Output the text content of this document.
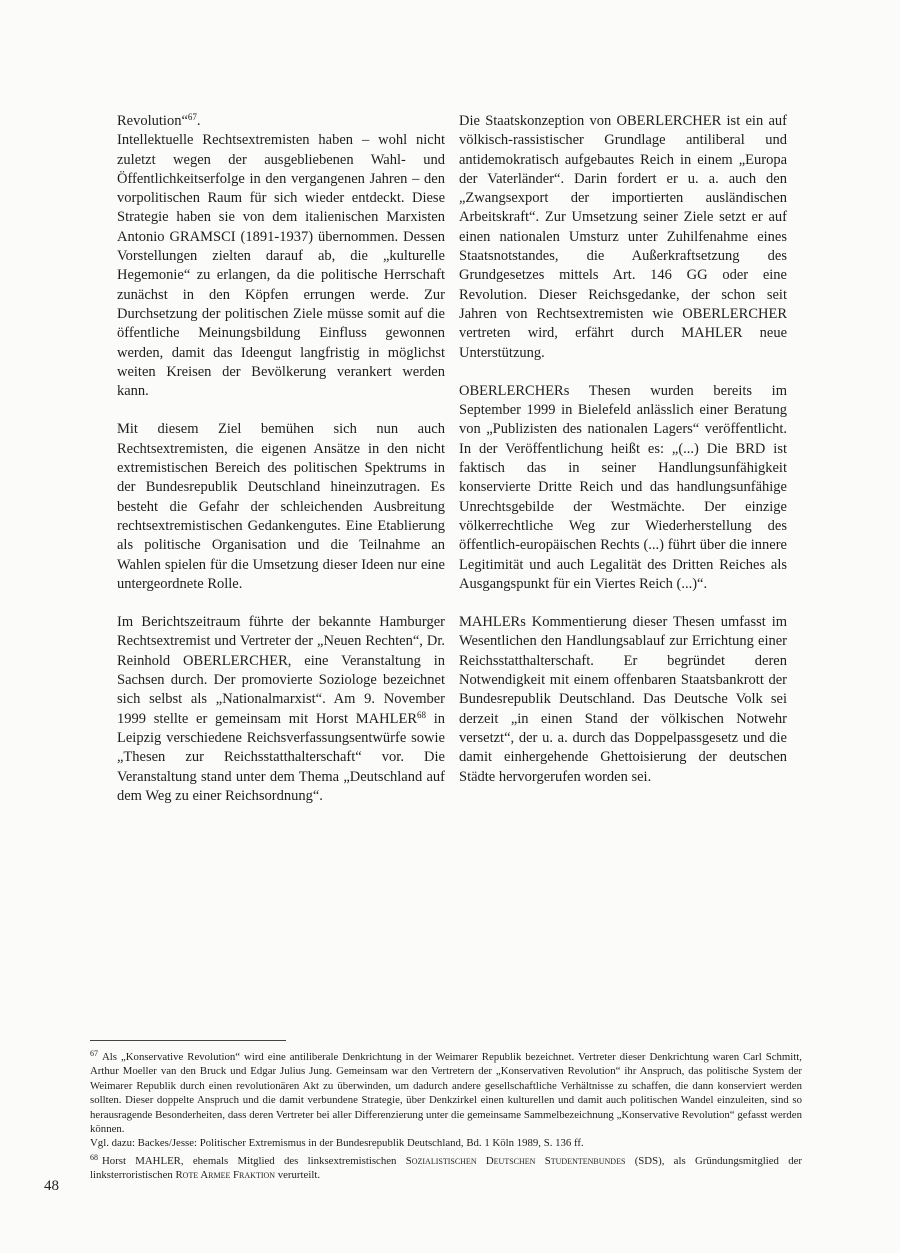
Revolution“$^{67}$.

Intellektuelle Rechtsextremisten haben – wohl nicht zuletzt wegen der ausgebliebenen Wahl- und Öffentlichkeitserfolge in den vergangenen Jahren – den vorpolitischen Raum für sich wieder entdeckt. Diese Strategie haben sie von dem italienischen Marxisten Antonio GRAMSCI (1891-1937) übernommen. Dessen Vorstellungen zielten darauf ab, die „kulturelle Hegemonie“ zu erlangen, da die politische Herrschaft zunächst in den Köpfen errungen werde. Zur Durchsetzung der politischen Ziele müsse somit auf die öffentliche Meinungsbildung Einfluss gewonnen werden, damit das Ideengut langfristig in möglichst weiten Kreisen der Bevölkerung verankert werden kann.

Mit diesem Ziel bemühen sich nun auch Rechtsextremisten, die eigenen Ansätze in den nicht extremistischen Bereich des politischen Spektrums in der Bundesrepublik Deutschland hineinzutragen. Es besteht die Gefahr der schleichenden Ausbreitung rechtsextremistischen Gedankengutes. Eine Etablierung als politische Organisation und die Teilnahme an Wahlen spielen für die Umsetzung dieser Ideen nur eine untergeordnete Rolle.

Im Berichtszeitraum führte der bekannte Hamburger Rechtsextremist und Vertreter der „Neuen Rechten“, Dr. Reinhold OBERLERCHER, eine Veranstaltung in Sachsen durch. Der promovierte Soziologe bezeichnet sich selbst als „Nationalmarxist“. Am 9. November 1999 stellte er gemeinsam mit Horst MAHLER$^{68}$ in Leipzig verschiedene Reichsverfassungsentwürfe sowie „Thesen zur Reichsstatthalterschaft“ vor. Die Veranstaltung stand unter dem Thema „Deutschland auf dem Weg zu einer Reichsordnung“.

Die Staatskonzeption von OBERLERCHER ist ein auf völkisch-rassistischer Grundlage antiliberal und antidemokratisch aufgebautes Reich in einem „Europa der Vaterländer“. Darin fordert er u. a. auch den „Zwangsexport der importierten ausländischen Arbeitskraft“. Zur Umsetzung seiner Ziele setzt er auf einen nationalen Umsturz unter Zuhilfenahme eines Staatsnotstandes, die Außerkraftsetzung des Grundgesetzes mittels Art. 146 GG oder eine Revolution. Dieser Reichsgedanke, der schon seit Jahren von Rechtsextremisten wie OBERLERCHER vertreten wird, erfährt durch MAHLER neue Unterstützung.

OBERLERCHERs Thesen wurden bereits im September 1999 in Bielefeld anlässlich einer Beratung von „Publizisten des nationalen Lagers“ veröffentlicht. In der Veröffentlichung heißt es: „(...) Die BRD ist faktisch das in seiner Handlungsunfähigkeit konservierte Dritte Reich und das handlungsunfähige Unrechtsgebilde der Westmächte. Der einzige völkerrechtliche Weg zur Wiederherstellung des öffentlich-europäischen Rechts (...) führt über die innere Legitimität und auch Legalität des Dritten Reiches als Ausgangspunkt für ein Viertes Reich (...)“.

MAHLERs Kommentierung dieser Thesen umfasst im Wesentlichen den Handlungsablauf zur Errichtung einer Reichsstatthalterschaft. Er begründet deren Notwendigkeit mit einem offenbaren Staatsbankrott der Bundesrepublik Deutschland. Das Deutsche Volk sei derzeit „in einen Stand der völkischen Notwehr versetzt“, der u. a. durch das Doppelpassgesetz und die damit einhergehende Ghettoisierung der deutschen Städte hervorgerufen worden sei.

$^{67}$ Als „Konservative Revolution“ wird eine antiliberale Denkrichtung in der Weimarer Republik bezeichnet. Vertreter dieser Denkrichtung waren Carl Schmitt, Arthur Moeller van den Bruck und Edgar Julius Jung. Gemeinsam war den Vertretern der „Konservativen Revolution“ ihr Anspruch, das politische System der Weimarer Republik durch einen revolutionären Akt zu überwinden, um dadurch andere gesellschaftliche Verhältnisse zu schaffen, die dann konserviert werden sollten. Dieser doppelte Anspruch und die damit verbundene Strategie, über Denkzirkel einen kulturellen und damit auch politischen Wandel einzuleiten, sind so herausragende Besonderheiten, dass deren Vertreter bei aller Differenzierung unter die gemeinsame Sammelbezeichnung „Konservative Revolution“ gefasst werden können.

Vgl. dazu: Backes/Jesse: Politischer Extremismus in der Bundesrepublik Deutschland, Bd. 1 Köln 1989, S. 136 ff.

$^{68}$ Horst MAHLER, ehemals Mitglied des linksextremistischen Sozialistischen Deutschen Studentenbundes (SDS), als Gründungsmitglied der linksterroristischen Rote Armee Fraktion verurteilt.

48
